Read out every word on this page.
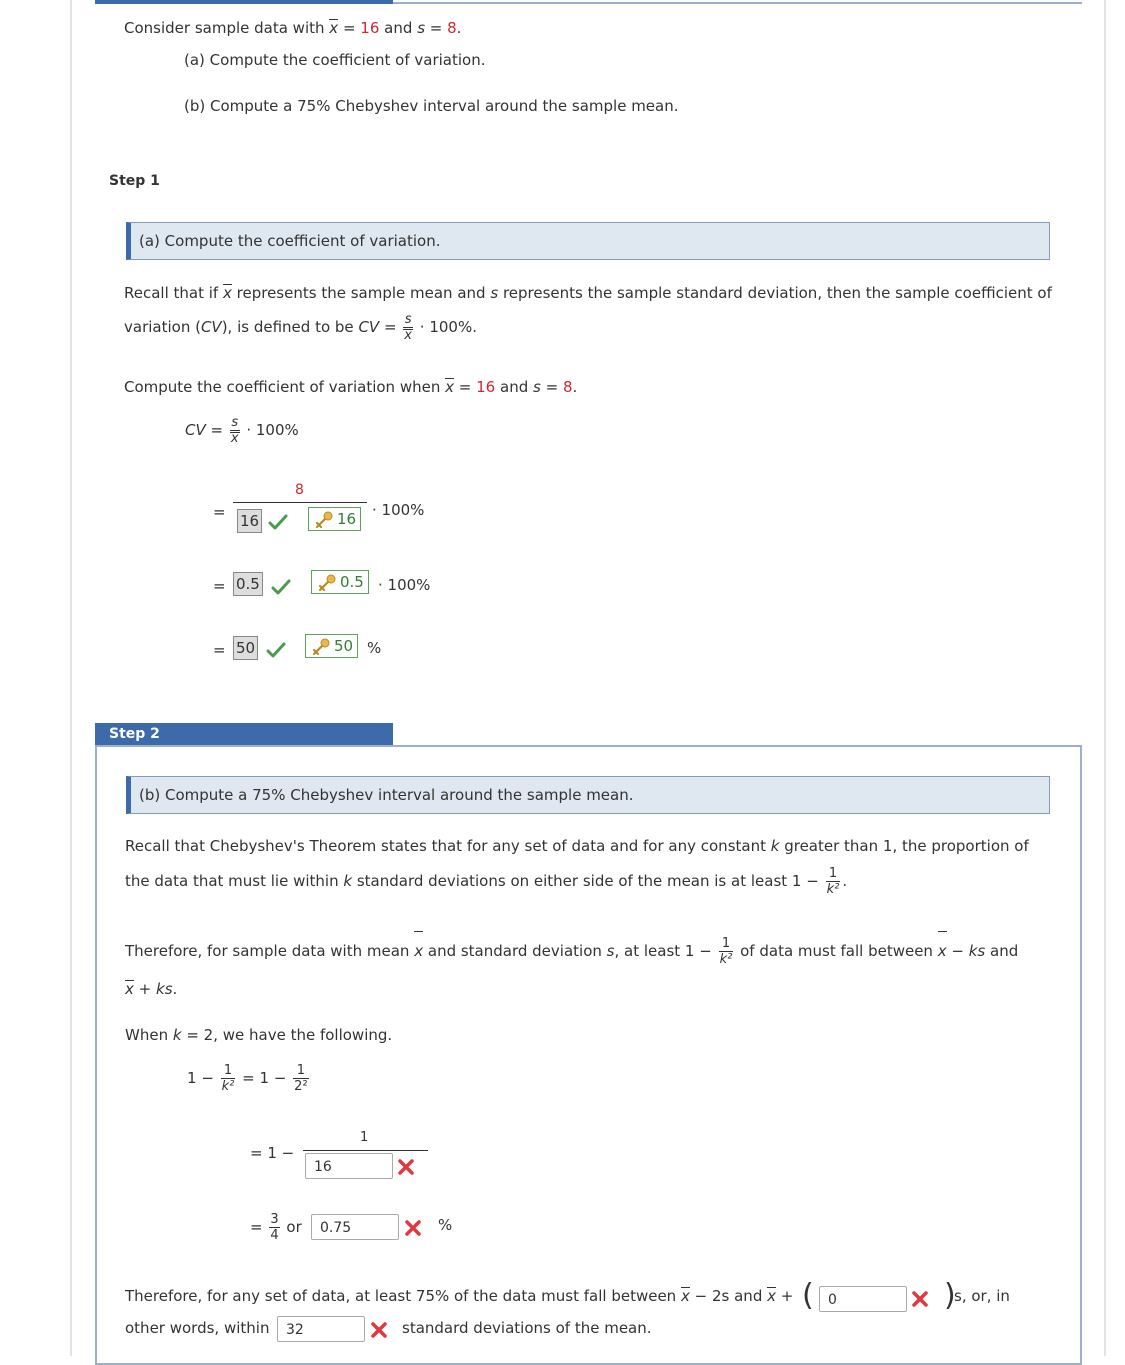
Consider sample data with x = 16 and s = 8.
(a) Compute the coefficient of variation.
(b) Compute a 75% Chebyshev interval around the sample mean.
Step 1
(a) Compute the coefficient of variation.
Recall that if x represents the sample mean and s represents the sample standard deviation, then the sample coefficient of
variation (CV), is defined to be CV = $\frac{s}{x} \cdot 100\%$.
Compute the coefficient of variation when x = 16 and s = 8.
CV = $\frac{s}{x} \cdot 100\%$
8
= 16	16	· 100%
= 0.5	0.5 · 100%
= 50	50 %
Step 2
(b) Compute a 75% Chebyshev interval around the sample mean.
Recall that Chebyshev's Theorem states that for any set of data and for any constant k greater than 1, the proportion of
the data that must lie within k standard deviations on either side of the mean is at least $1 - \frac{1}{\text{k²}}$ .
Therefore, for sample data with mean x and standard deviation s, at least $1 - \frac{1}{\text{k²}}$ of data must fall between x − ks and
x + ks.
When k = 2, we have the following.
$1 - \frac{1}{\text{k²}} = 1 - \frac{1}{\text{2²}}$
= 1 −
1
16
= $\frac{3}{4}$ or	0.75	%
Therefore, for any set of data, at least 75% of the data must fall between x − 2s and x + (	0	)
s, or, in
other words, within	32	standard deviations of the mean.
